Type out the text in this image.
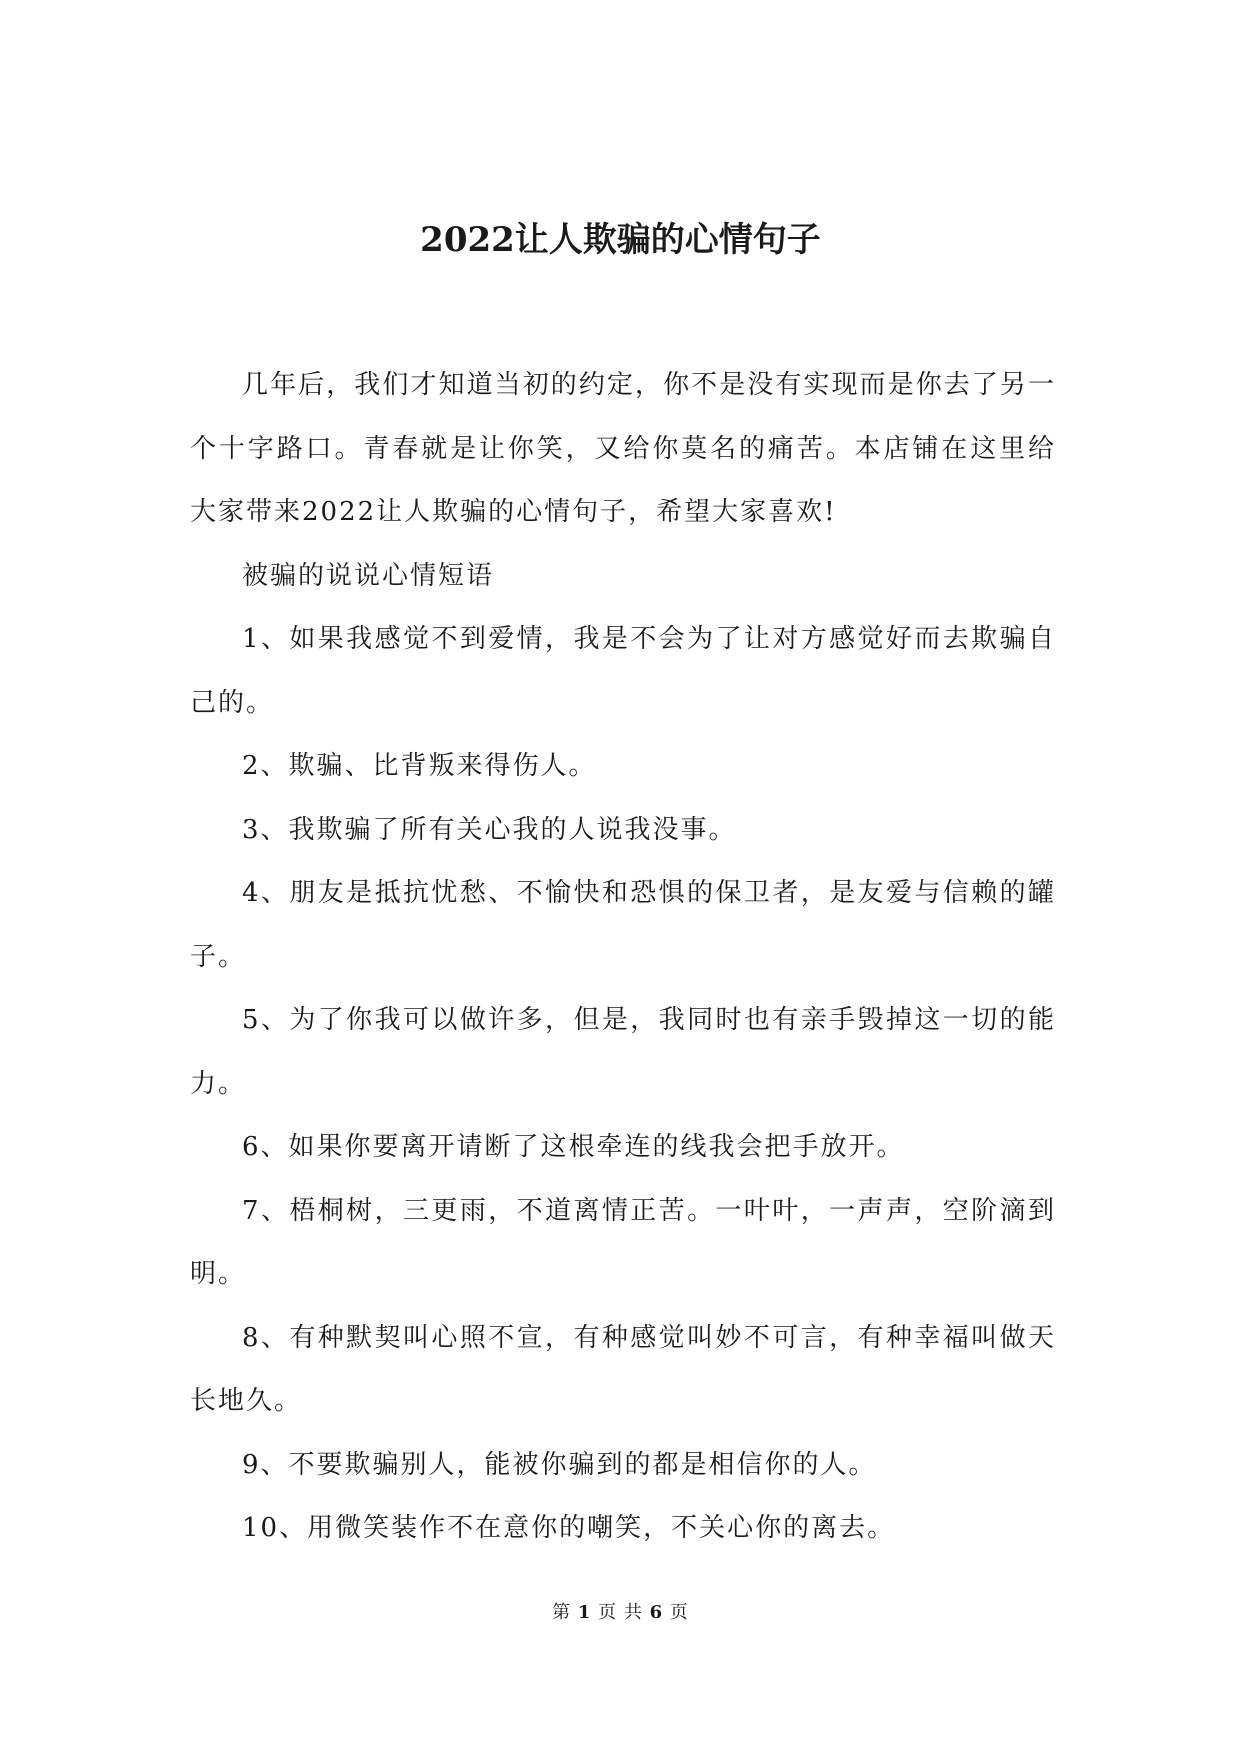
2022让人欺骗的心情句子

几年后，我们才知道当初的约定，你不是没有实现而是你去了另一个十字路口。青春就是让你笑，又给你莫名的痛苦。本店铺在这里给大家带来2022让人欺骗的心情句子，希望大家喜欢!

被骗的说说心情短语

1、如果我感觉不到爱情，我是不会为了让对方感觉好而去欺骗自己的。

2、欺骗、比背叛来得伤人。

3、我欺骗了所有关心我的人说我没事。

4、朋友是抵抗忧愁、不愉快和恐惧的保卫者，是友爱与信赖的罐子。

5、为了你我可以做许多，但是，我同时也有亲手毁掉这一切的能力。

6、如果你要离开请断了这根牵连的线我会把手放开。

7、梧桐树，三更雨，不道离情正苦。一叶叶，一声声，空阶滴到明。

8、有种默契叫心照不宣，有种感觉叫妙不可言，有种幸福叫做天长地久。

9、不要欺骗别人，能被你骗到的都是相信你的人。

10、用微笑装作不在意你的嘲笑，不关心你的离去。

第 1 页 共 6 页
